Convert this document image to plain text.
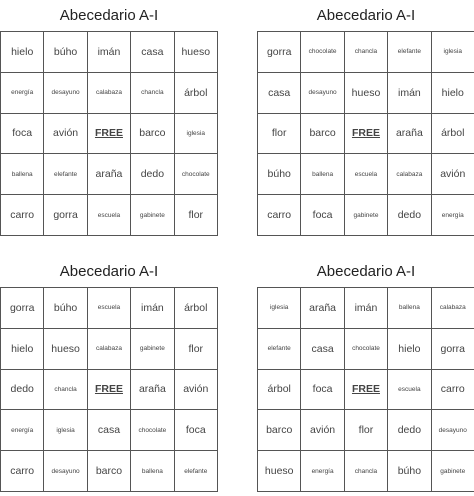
Abecedario A-I
hielo	búho	imán	casa	hueso
energía	desayuno	calabaza	chancla	árbol
foca	avión	FREE	barco	iglesia
ballena	elefante	araña	dedo	chocolate
carro	gorra	escuela	gabinete	flor
Abecedario A-I
gorra	chocolate	chancla	elefante	iglesia
casa	desayuno	hueso	imán	hielo
flor	barco	FREE	araña	árbol
búho	ballena	escuela	calabaza	avión
carro	foca	gabinete	dedo	energía
Abecedario A-I
gorra	búho	escuela	imán	árbol
hielo	hueso	calabaza	gabinete	flor
dedo	chancla	FREE	araña	avión
energía	iglesia	casa	chocolate	foca
carro	desayuno	barco	ballena	elefante
Abecedario A-I
iglesia	araña	imán	ballena	calabaza
elefante	casa	chocolate	hielo	gorra
árbol	foca	FREE	escuela	carro
barco	avión	flor	dedo	desayuno
hueso	energía	chancla	búho	gabinete
